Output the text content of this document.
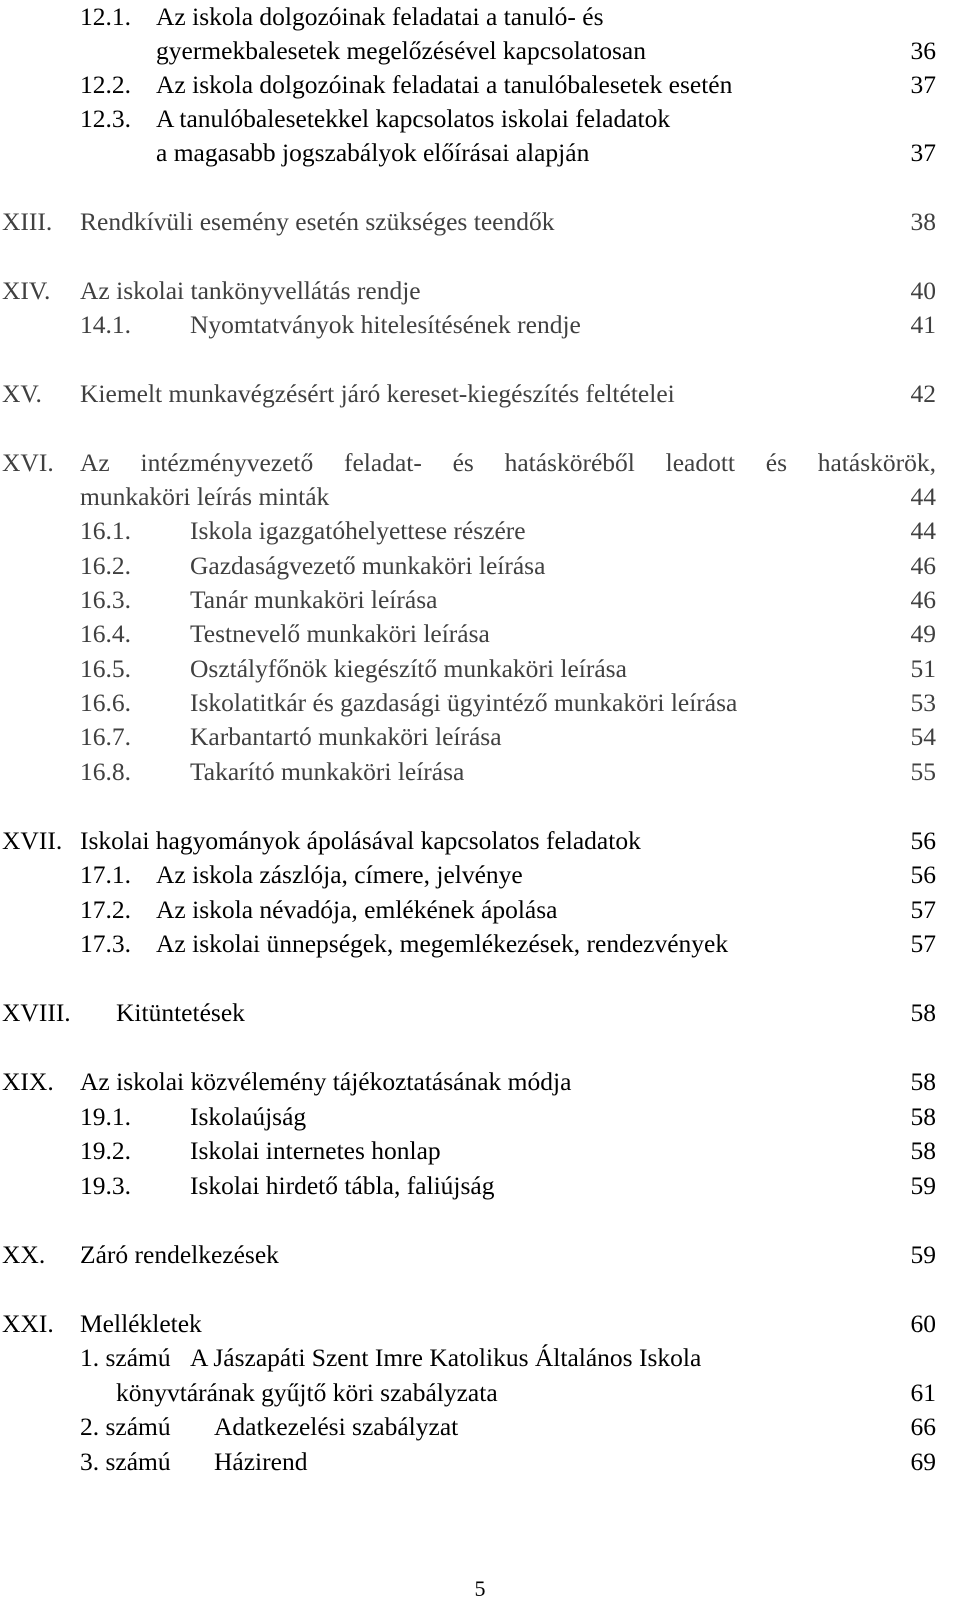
12.1. Az iskola dolgozóinak feladatai a tanuló- és
gyermekbalesetek megelőzésével kapcsolatosan	36
12.2. Az iskola dolgozóinak feladatai a tanulóbalesetek esetén	37
12.3. A tanulóbalesetekkel kapcsolatos iskolai feladatok
a magasabb jogszabályok előírásai alapján	37
XIII. Rendkívüli esemény esetén szükséges teendők	38
XIV. Az iskolai tankönyvellátás rendje	40
14.1. Nyomtatványok hitelesítésének rendje	41
XV. Kiemelt munkavégzésért járó kereset-kiegészítés feltételei	42
XVI. Az intézményvezető feladat- és hatásköréből leadott és hatáskörök,
munkaköri leírás minták	44
16.1. Iskola igazgatóhelyettese részére	44
16.2. Gazdaságvezető munkaköri leírása	46
16.3. Tanár munkaköri leírása	46
16.4. Testnevelő munkaköri leírása	49
16.5. Osztályfőnök kiegészítő munkaköri leírása	51
16.6. Iskolatitkár és gazdasági ügyintéző munkaköri leírása	53
16.7. Karbantartó munkaköri leírása	54
16.8. Takarító munkaköri leírása	55
XVII. Iskolai hagyományok ápolásával kapcsolatos feladatok	56
17.1. Az iskola zászlója, címere, jelvénye	56
17.2. Az iskola névadója, emlékének ápolása	57
17.3. Az iskolai ünnepségek, megemlékezések, rendezvények	57
XVIII. Kitüntetések	58
XIX. Az iskolai közvélemény tájékoztatásának módja	58
19.1. Iskolaújság	58
19.2. Iskolai internetes honlap	58
19.3. Iskolai hirdető tábla, faliújság	59
XX. Záró rendelkezések	59
XXI. Mellékletek	60
1. számú A Jászapáti Szent Imre Katolikus Általános Iskola
könyvtárának gyűjtő köri szabályzata	61
2. számú Adatkezelési szabályzat	66
3. számú Házirend	69
5
